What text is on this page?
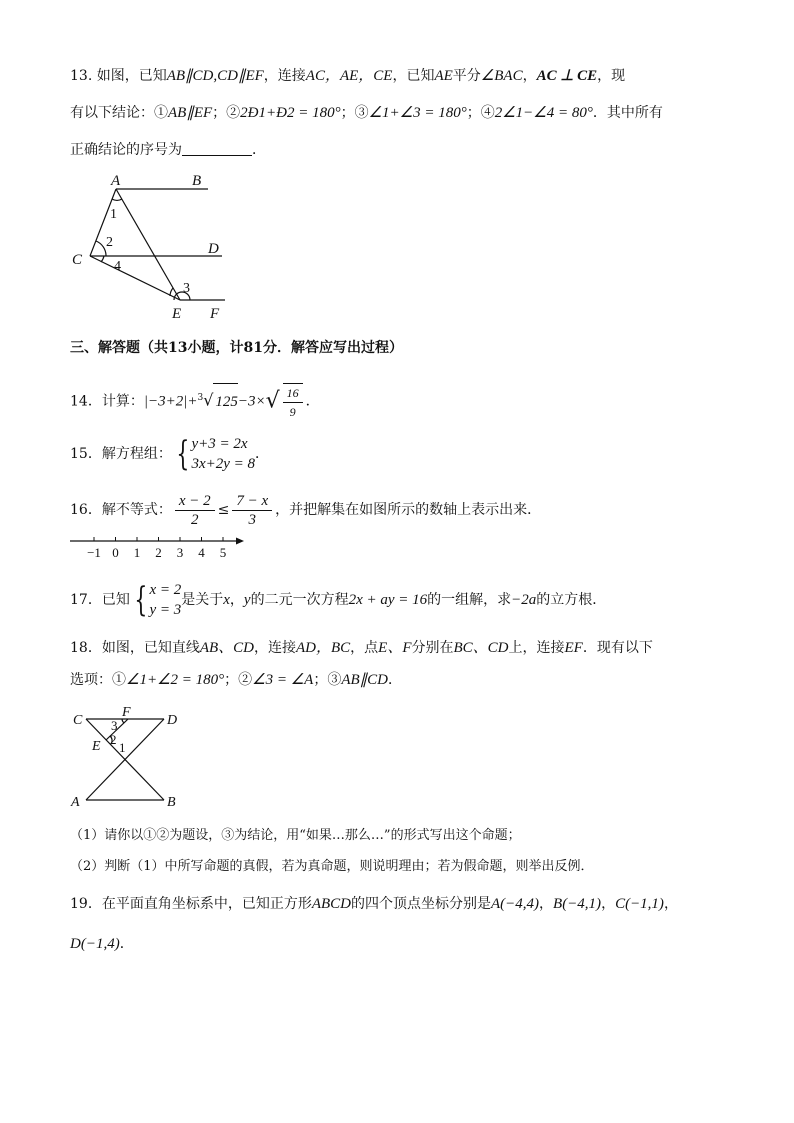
13. 如图，已知AB∥CD,CD∥EF，连接AC，AE，CE，已知AE平分∠BAC，AC ⊥ CE，现
有以下结论：①AB∥EF；②2Ð1+Ð2 = 180°；③∠1+∠3 = 180°；④2∠1−∠4 = 80°．其中所有
正确结论的序号为	．
A	B
C
D
E F
1
2
4
3
三、解答题（共13小题，计81分．解答应写出过程）
14．计算：|−3+2|+$^3$√ $125-3\times√ \frac{16}{9}$ ．
15．解方程组： { y+3 = 2x
3x+2y = 8
．
16．解不等式： $\frac{x - 2}{2} \le \frac{7 - x}{3}$ ，并把解集在如图所示的数轴上表示出来．
−1 0 1 2 3 4 5
17．已知 { x = 2
y = 3
是关于x，y的二元一次方程2x + ay = 16的一组解，求−2a的立方根．
18．如图，已知直线AB、CD，连接AD，BC，点E、F分别在BC、CD上，连接EF．现有以下
选项：①∠1+∠2 = 180°；②∠3 = ∠A；③AB∥CD．
C
F
D
E
A	B
3
2
1
（1）请你以①②为题设，③为结论，用“如果…那么…”的形式写出这个命题；
（2）判断（1）中所写命题的真假，若为真命题，则说明理由；若为假命题，则举出反例．
19．在平面直角坐标系中，已知正方形ABCD的四个顶点坐标分别是A(−4,4)，B(−4,1)，C(−1,1)，
D(−1,4)．
